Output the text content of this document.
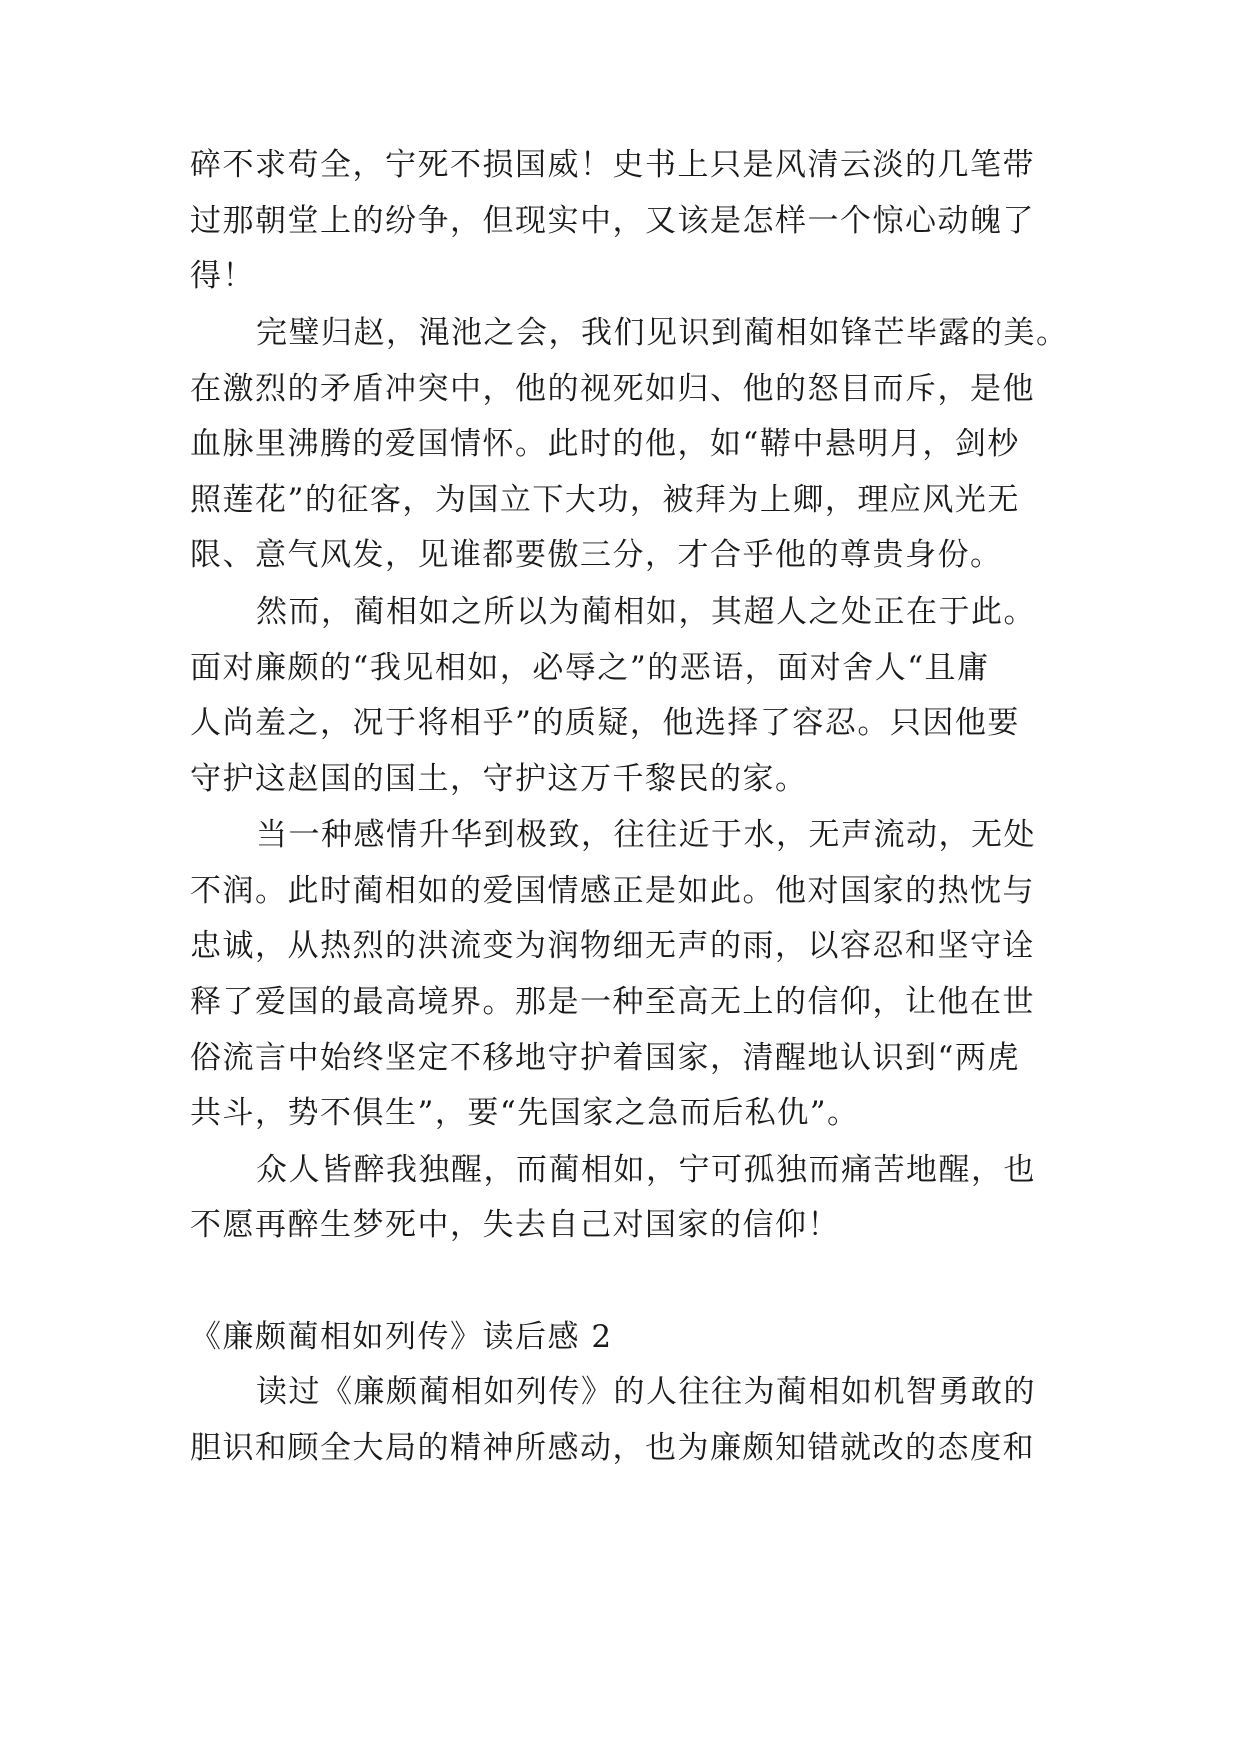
碎不求苟全，宁死不损国威！史书上只是风清云淡的几笔带
过那朝堂上的纷争，但现实中，又该是怎样一个惊心动魄了
得！
完璧归赵，渑池之会，我们见识到蔺相如锋芒毕露的美。
在激烈的矛盾冲突中，他的视死如归、他的怒目而斥，是他
血脉里沸腾的爱国情怀。此时的他，如“鞯中悬明月，剑杪
照莲花”的征客，为国立下大功，被拜为上卿，理应风光无
限、意气风发，见谁都要傲三分，才合乎他的尊贵身份。
然而，蔺相如之所以为蔺相如，其超人之处正在于此。
面对廉颇的“我见相如，必辱之”的恶语，面对舍人“且庸
人尚羞之，况于将相乎”的质疑，他选择了容忍。只因他要
守护这赵国的国土，守护这万千黎民的家。
当一种感情升华到极致，往往近于水，无声流动，无处
不润。此时蔺相如的爱国情感正是如此。他对国家的热忱与
忠诚，从热烈的洪流变为润物细无声的雨，以容忍和坚守诠
释了爱国的最高境界。那是一种至高无上的信仰，让他在世
俗流言中始终坚定不移地守护着国家，清醒地认识到“两虎
共斗，势不俱生”，要“先国家之急而后私仇”。
众人皆醉我独醒，而蔺相如，宁可孤独而痛苦地醒，也
不愿再醉生梦死中，失去自己对国家的信仰！
《廉颇蔺相如列传》读后感 2
读过《廉颇蔺相如列传》的人往往为蔺相如机智勇敢的
胆识和顾全大局的精神所感动，也为廉颇知错就改的态度和
